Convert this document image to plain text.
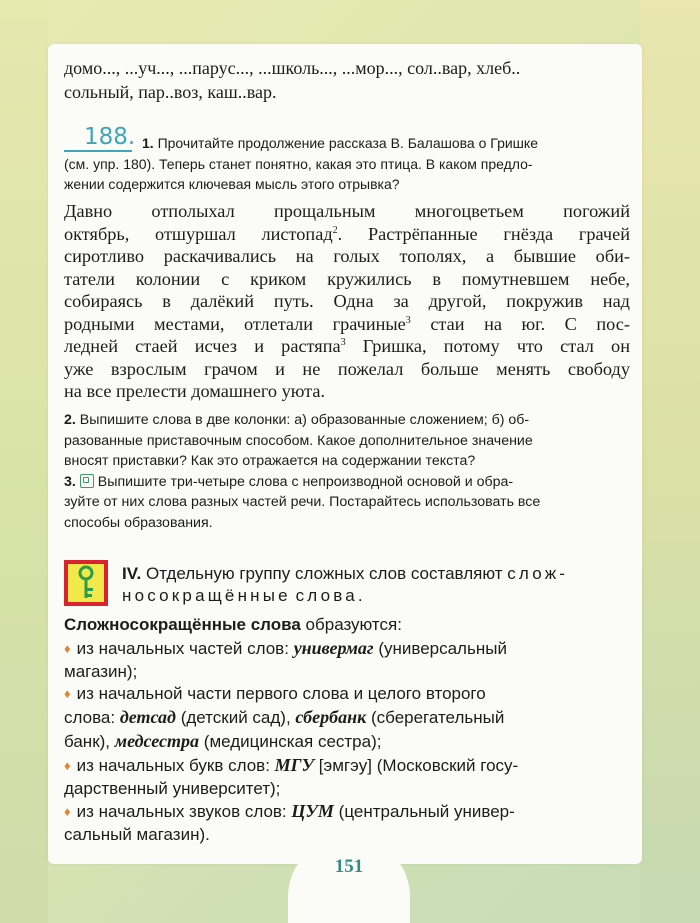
домо..., ...уч..., ...парус..., ...школь..., ...мор..., сол..вар, хлеб..
сольный, пар..воз, каш..вар.
188. 1. Прочитайте продолжение рассказа В. Балашова о Гришке
(см. упр. 180). Теперь станет понятно, какая это птица. В каком предло-
жении содержится ключевая мысль этого отрывка?
Давно отполыхал прощальным многоцветьем погожий
октябрь, отшуршал листопад$^2$. Растрёпанные гнёзда грачей
сиротливо раскачивались на голых тополях, а бывшие оби-
татели колонии с криком кружились в помутневшем небе,
собираясь в далёкий путь. Одна за другой, покружив над
родными местами, отлетали грачиные$^3$ стаи на юг. С пос-
ледней стаей исчез и растяпа$^3$ Гришка, потому что стал он
уже взрослым грачом и не пожелал больше менять свободу
на все прелести домашнего уюта.
2. Выпишите слова в две колонки: а) образованные сложением; б) об-
разованные приставочным способом. Какое дополнительное значение
вносят приставки? Как это отражается на содержании текста?
3. Выпишите три-четыре слова с непроизводной основой и обра-
зуйте от них слова разных частей речи. Постарайтесь использовать все
способы образования.
IV. Отдельную группу сложных слов составляют слож-
носокращённые слова.
Сложносокращённые слова образуются:
♦ из начальных частей слов: универмаг (универсальный
магазин);
♦ из начальной части первого слова и целого второго
слова: детсад (детский сад), сбербанк (сберегательный
банк), медсестра (медицинская сестра);
♦ из начальных букв слов: МГУ [эмгэу] (Московский госу-
дарственный университет);
♦ из начальных звуков слов: ЦУМ (центральный универ-
сальный магазин).
151
